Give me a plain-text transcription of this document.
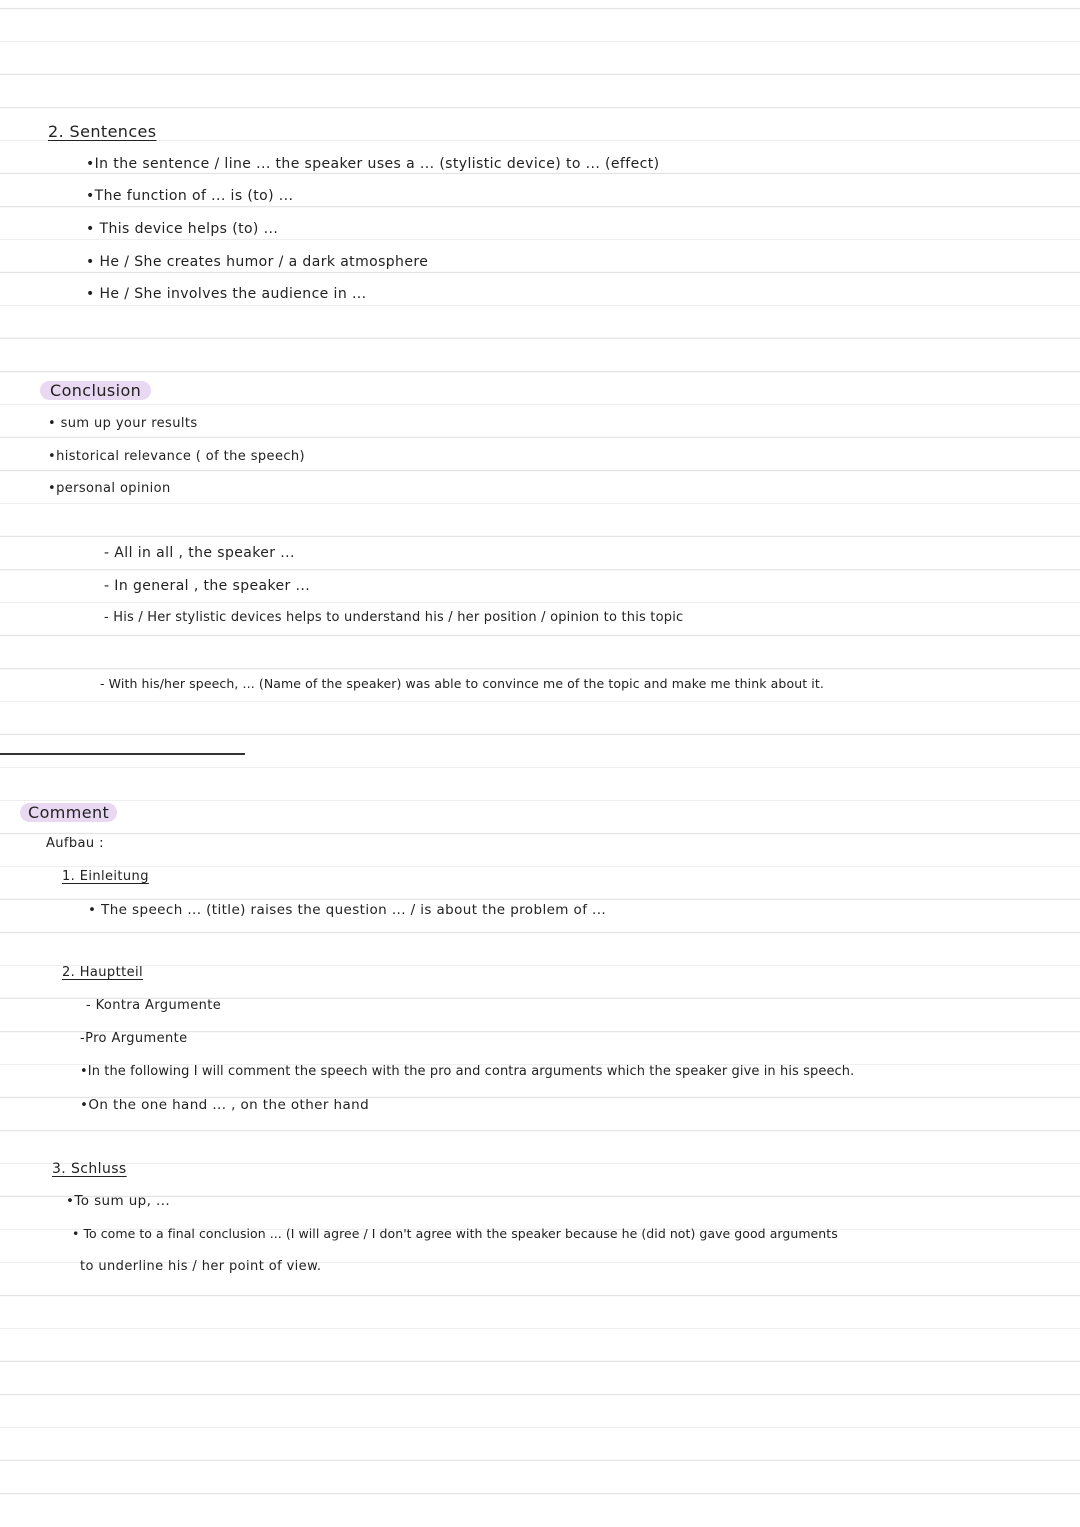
2. Sentences
•In the sentence / line ... the speaker uses a ... (stylistic device) to ... (effect)
•The function of ... is (to) ...
• This device helps (to) ...
• He / She creates humor / a dark atmosphere
• He / She involves the audience in ...
Conclusion
• sum up your results
•historical relevance ( of the speech)
•personal opinion
- All in all , the speaker ...
- In general , the speaker ...
- His / Her stylistic devices helps to understand his / her position / opinion to this topic
- With his/her speech, ... (Name of the speaker) was able to convince me of the topic and make me think about it.
Comment
Aufbau :
1. Einleitung
• The speech ... (title) raises the question ... / is about the problem of ...
2. Hauptteil
- Kontra Argumente
-Pro Argumente
•In the following I will comment the speech with the pro and contra arguments which the speaker give in his speech.
•On the one hand ... , on the other hand
3. Schluss
•To sum up, ...
• To come to a final conclusion ... (I will agree / I don't agree with the speaker because he (did not) gave good arguments
to underline his / her point of view.
